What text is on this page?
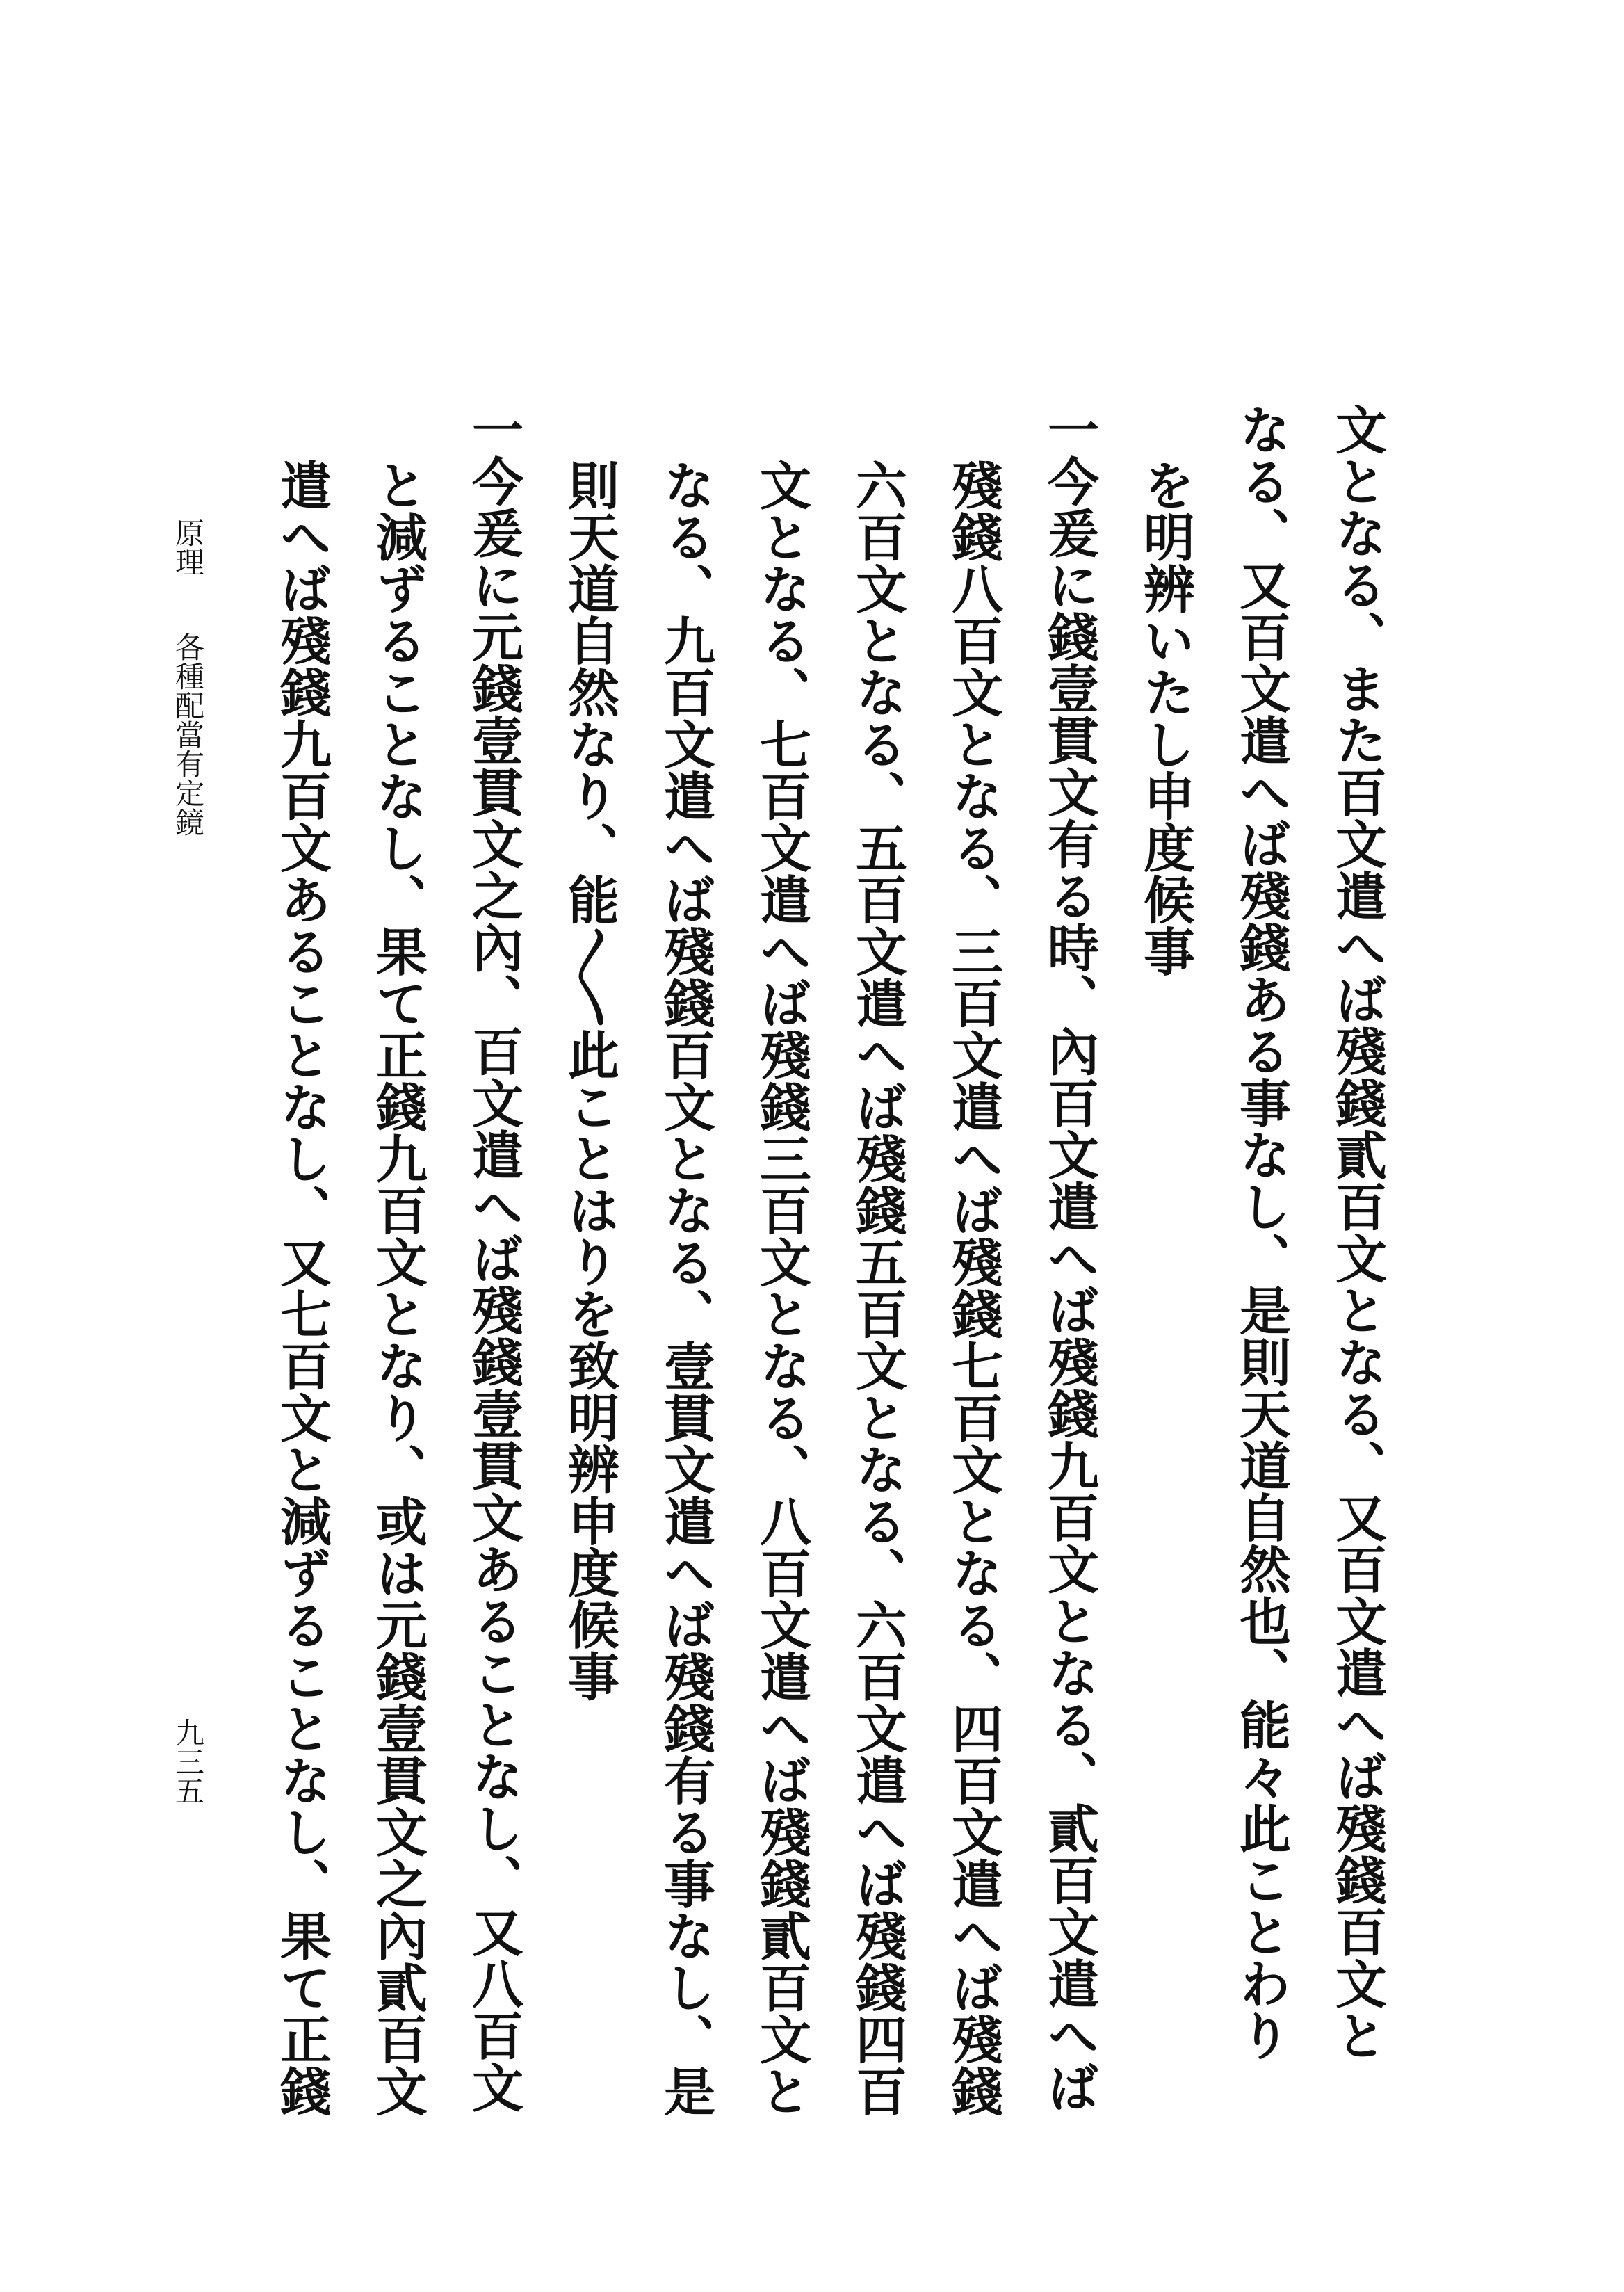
文となる、また百文遣へば殘錢貳百文となる、又百文遣へば殘錢百文と
なる、又百文遣へば殘錢ある事なし、是則天道自然也、能々此ことわり
を明辨いたし申度候事
一今爰に錢壹貫文有る時、內百文遣へば殘錢九百文となる、貳百文遣へば
殘錢八百文となる、三百文遣へば殘錢七百文となる、四百文遣へば殘錢
六百文となる、五百文遣へば殘錢五百文となる、六百文遣へば殘錢四百
文となる、七百文遣へば殘錢三百文となる、八百文遣へば殘錢貳百文と
なる、九百文遣へば殘錢百文となる、壹貫文遣へば殘錢有る事なし、是
則天道自然なり、能〳〵此ことはりを致明辨申度候事
一今爰に元錢壹貫文之內、百文遣へば殘錢壹貫文あることなし、又八百文
と減ずることなし、果て正錢九百文となり、或は元錢壹貫文之內貳百文
遣へば殘錢九百文あることなし、又七百文と減ずることなし、果て正錢
原理各種配當有定鏡
九三五
